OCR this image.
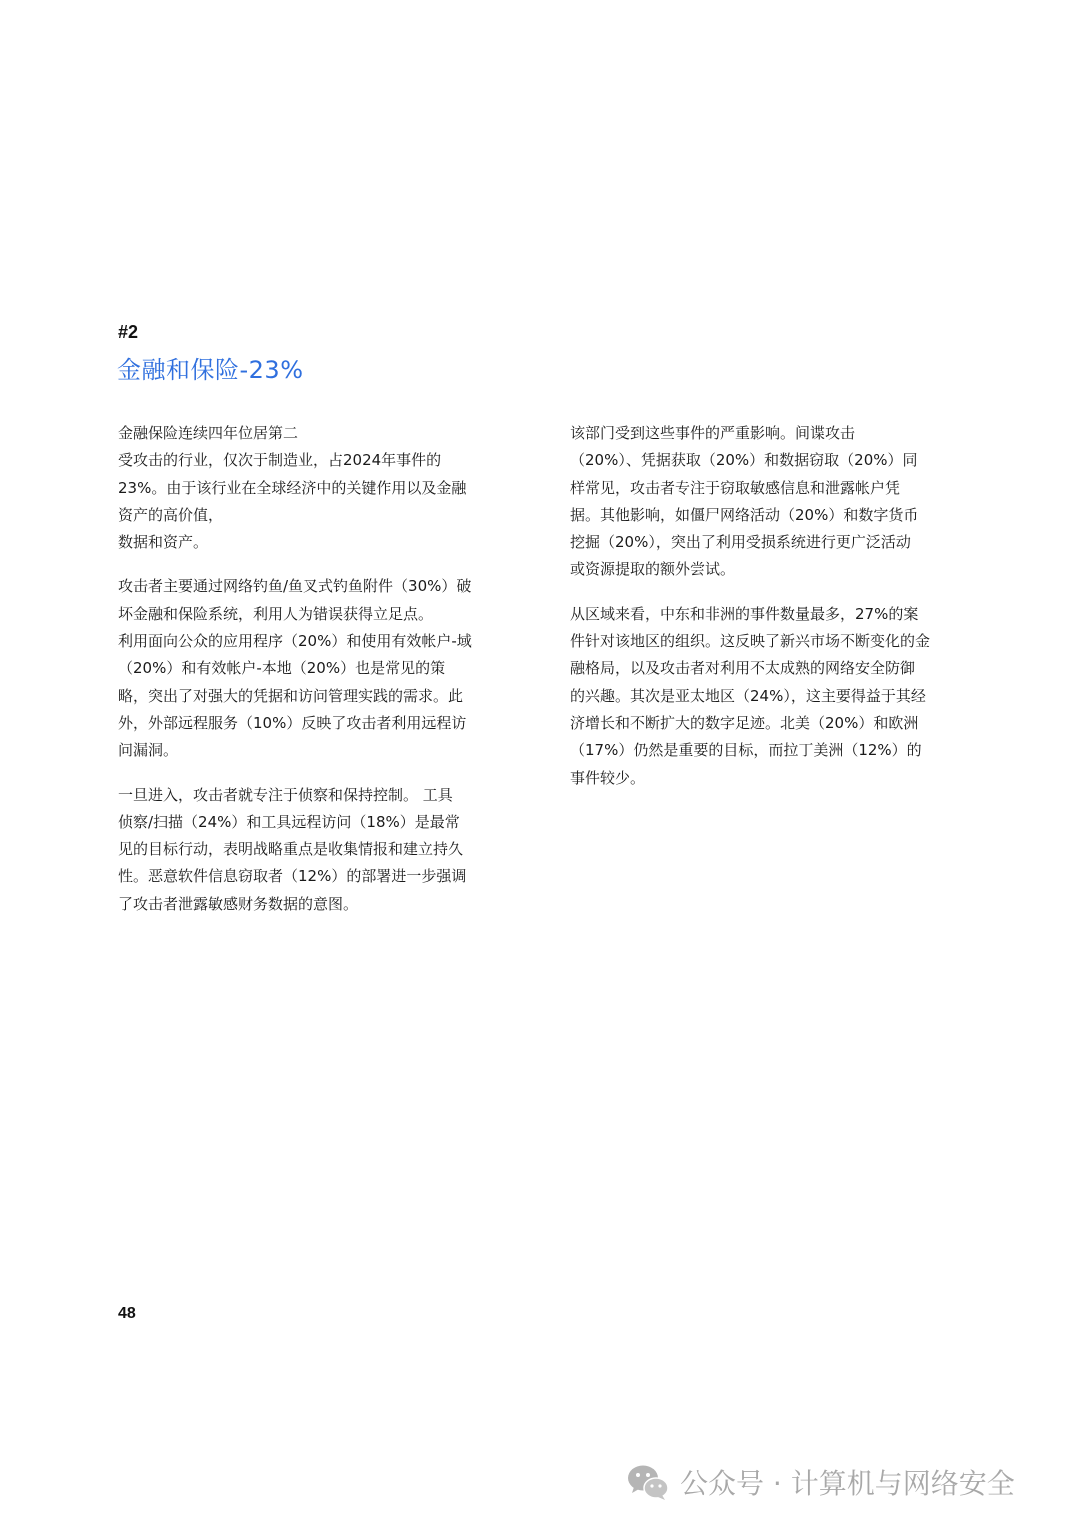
#2
金融和保险-23%

金融保险连续四年位居第二
受攻击的行业，仅次于制造业，占2024年事件的
23%。由于该行业在全球经济中的关键作用以及金融
资产的高价值，
数据和资产。

攻击者主要通过网络钓鱼/鱼叉式钓鱼附件（30%）破
坏金融和保险系统，利用人为错误获得立足点。
利用面向公众的应用程序（20%）和使用有效帐户-域
（20%）和有效帐户-本地（20%）也是常见的策
略，突出了对强大的凭据和访问管理实践的需求。此
外，外部远程服务（10%）反映了攻击者利用远程访
问漏洞。

一旦进入，攻击者就专注于侦察和保持控制。 工具
侦察/扫描（24%）和工具远程访问（18%）是最常
见的目标行动，表明战略重点是收集情报和建立持久
性。恶意软件信息窃取者（12%）的部署进一步强调
了攻击者泄露敏感财务数据的意图。

该部门受到这些事件的严重影响。间谍攻击
（20%）、凭据获取（20%）和数据窃取（20%）同
样常见，攻击者专注于窃取敏感信息和泄露帐户凭
据。其他影响，如僵尸网络活动（20%）和数字货币
挖掘（20%），突出了利用受损系统进行更广泛活动
或资源提取的额外尝试。

从区域来看，中东和非洲的事件数量最多，27%的案
件针对该地区的组织。这反映了新兴市场不断变化的金
融格局，以及攻击者对利用不太成熟的网络安全防御
的兴趣。其次是亚太地区（24%），这主要得益于其经
济增长和不断扩大的数字足迹。北美（20%）和欧洲
（17%）仍然是重要的目标，而拉丁美洲（12%）的
事件较少。

48
公众号 · 计算机与网络安全
